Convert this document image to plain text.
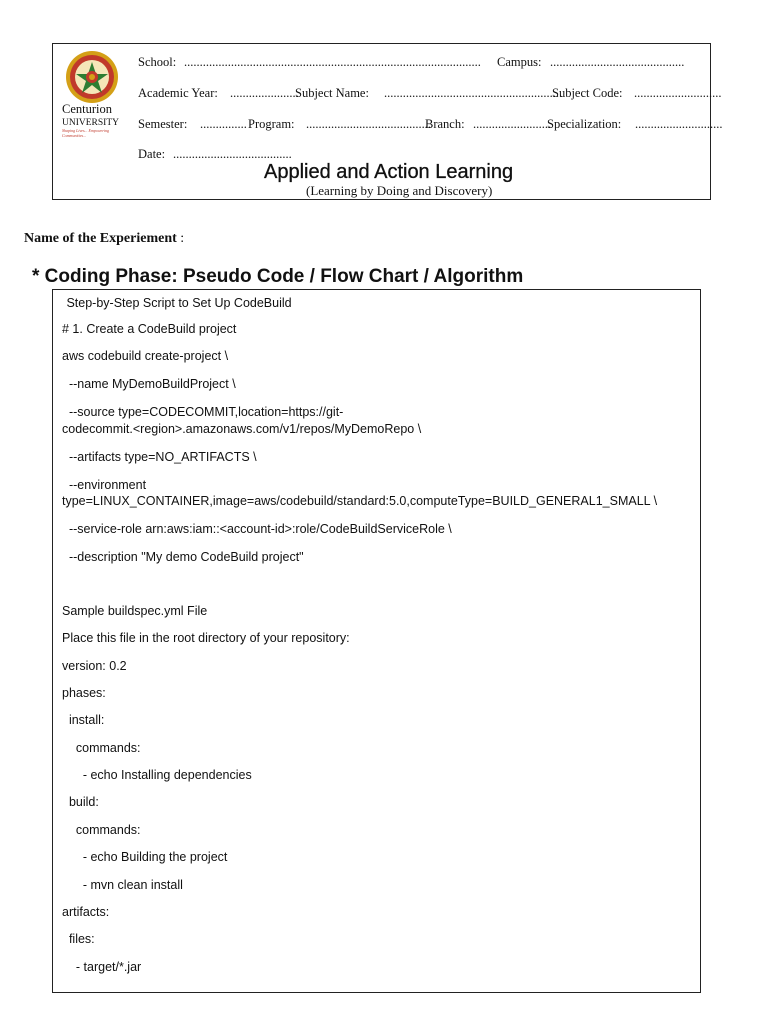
Centurion
UNIVERSITY
Shaping Lives... Empowering Communities...
School: ............................................................................................... Campus: ...........................................
Academic Year: ......................
Subject Name: .........................................................
Subject Code: ............................
Semester: ............... Program: ........................................
Branch: .........................
Specialization: ............................
Date: ......................................
Applied and Action Learning
(Learning by Doing and Discovery)
Name of the Experiement :
* Coding Phase: Pseudo Code / Flow Chart / Algorithm
Step-by-Step Script to Set Up CodeBuild
# 1. Create a CodeBuild project
aws codebuild create-project \
--name MyDemoBuildProject \
--source type=CODECOMMIT,location=https://git-
codecommit.<region>.amazonaws.com/v1/repos/MyDemoRepo \
--artifacts type=NO_ARTIFACTS \
--environment
type=LINUX_CONTAINER,image=aws/codebuild/standard:5.0,computeType=BUILD_GENERAL1_SMALL \
--service-role arn:aws:iam::<account-id>:role/CodeBuildServiceRole \
--description "My demo CodeBuild project"
Sample buildspec.yml File
Place this file in the root directory of your repository:
version: 0.2
phases:
install:
commands:
- echo Installing dependencies
build:
commands:
- echo Building the project
- mvn clean install
artifacts:
files:
- target/*.jar
